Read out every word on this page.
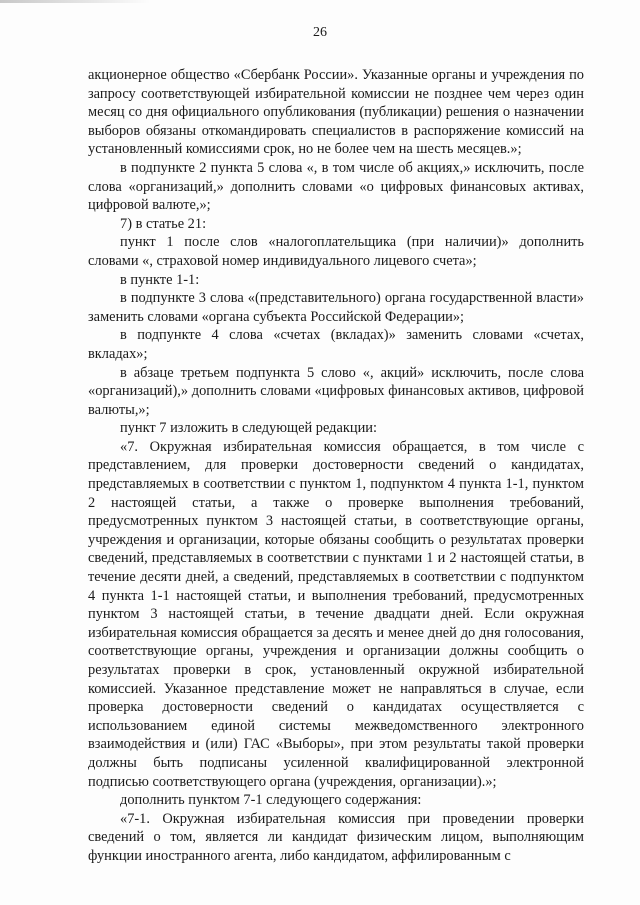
26

акционерное общество «Сбербанк России». Указанные органы и учреждения по запросу соответствующей избирательной комиссии не позднее чем через один месяц со дня официального опубликования (публикации) решения о назначении выборов обязаны откомандировать специалистов в распоряжение комиссий на установленный комиссиями срок, но не более чем на шесть месяцев.»;

в подпункте 2 пункта 5 слова «, в том числе об акциях,» исключить, после слова «организаций,» дополнить словами «о цифровых финансовых активах, цифровой валюте,»;

7) в статье 21:

пункт 1 после слов «налогоплательщика (при наличии)» дополнить словами «, страховой номер индивидуального лицевого счета»;

в пункте 1-1:

в подпункте 3 слова «(представительного) органа государственной власти» заменить словами «органа субъекта Российской Федерации»;

в подпункте 4 слова «счетах (вкладах)» заменить словами «счетах, вкладах»;

в абзаце третьем подпункта 5 слово «, акций» исключить, после слова «организаций),» дополнить словами «цифровых финансовых активов, цифровой валюты,»;

пункт 7 изложить в следующей редакции:

«7. Окружная избирательная комиссия обращается, в том числе с представлением, для проверки достоверности сведений о кандидатах, представляемых в соответствии с пунктом 1, подпунктом 4 пункта 1-1, пунктом 2 настоящей статьи, а также о проверке выполнения требований, предусмотренных пунктом 3 настоящей статьи, в соответствующие органы, учреждения и организации, которые обязаны сообщить о результатах проверки сведений, представляемых в соответствии с пунктами 1 и 2 настоящей статьи, в течение десяти дней, а сведений, представляемых в соответствии с подпунктом 4 пункта 1-1 настоящей статьи, и выполнения требований, предусмотренных пунктом 3 настоящей статьи, в течение двадцати дней. Если окружная избирательная комиссия обращается за десять и менее дней до дня голосования, соответствующие органы, учреждения и организации должны сообщить о результатах проверки в срок, установленный окружной избирательной комиссией. Указанное представление может не направляться в случае, если проверка достоверности сведений о кандидатах осуществляется с использованием единой системы межведомственного электронного взаимодействия и (или) ГАС «Выборы», при этом результаты такой проверки должны быть подписаны усиленной квалифицированной электронной подписью соответствующего органа (учреждения, организации).»;

дополнить пунктом 7-1 следующего содержания:

«7-1. Окружная избирательная комиссия при проведении проверки сведений о том, является ли кандидат физическим лицом, выполняющим функции иностранного агента, либо кандидатом, аффилированным с
